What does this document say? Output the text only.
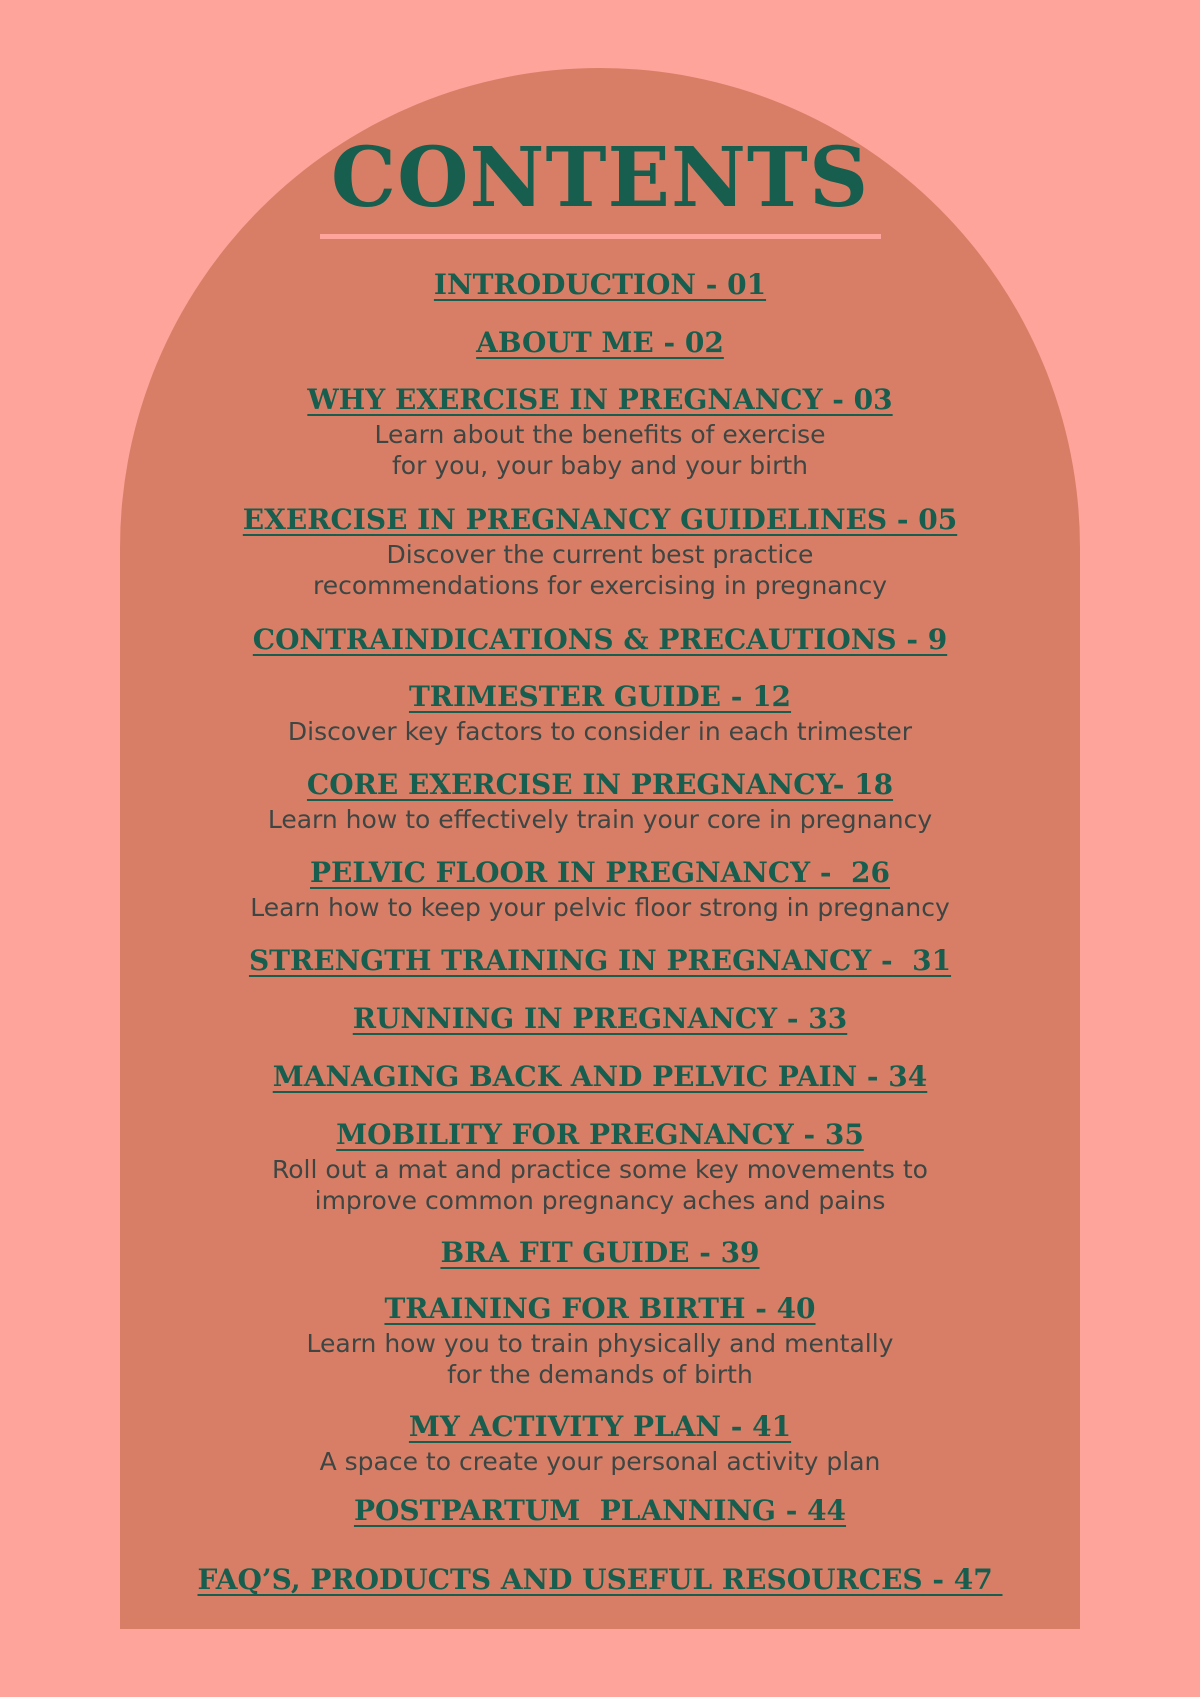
CONTENTS
INTRODUCTION - 01
ABOUT ME - 02
WHY EXERCISE IN PREGNANCY - 03
Learn about the benefits of exercise
for you, your baby and your birth
EXERCISE IN PREGNANCY GUIDELINES - 05
Discover the current best practice
recommendations for exercising in pregnancy
CONTRAINDICATIONS & PRECAUTIONS - 9
TRIMESTER GUIDE - 12
Discover key factors to consider in each trimester
CORE EXERCISE IN PREGNANCY- 18
Learn how to effectively train your core in pregnancy
PELVIC FLOOR IN PREGNANCY -  26
Learn how to keep your pelvic floor strong in pregnancy
STRENGTH TRAINING IN PREGNANCY -  31
RUNNING IN PREGNANCY - 33
MANAGING BACK AND PELVIC PAIN - 34
MOBILITY FOR PREGNANCY - 35
Roll out a mat and practice some key movements to
improve common pregnancy aches and pains
BRA FIT GUIDE - 39
TRAINING FOR BIRTH - 40
Learn how you to train physically and mentally
for the demands of birth
MY ACTIVITY PLAN - 41
A space to create your personal activity plan
POSTPARTUM  PLANNING - 44
FAQ’S, PRODUCTS AND USEFUL RESOURCES - 47
